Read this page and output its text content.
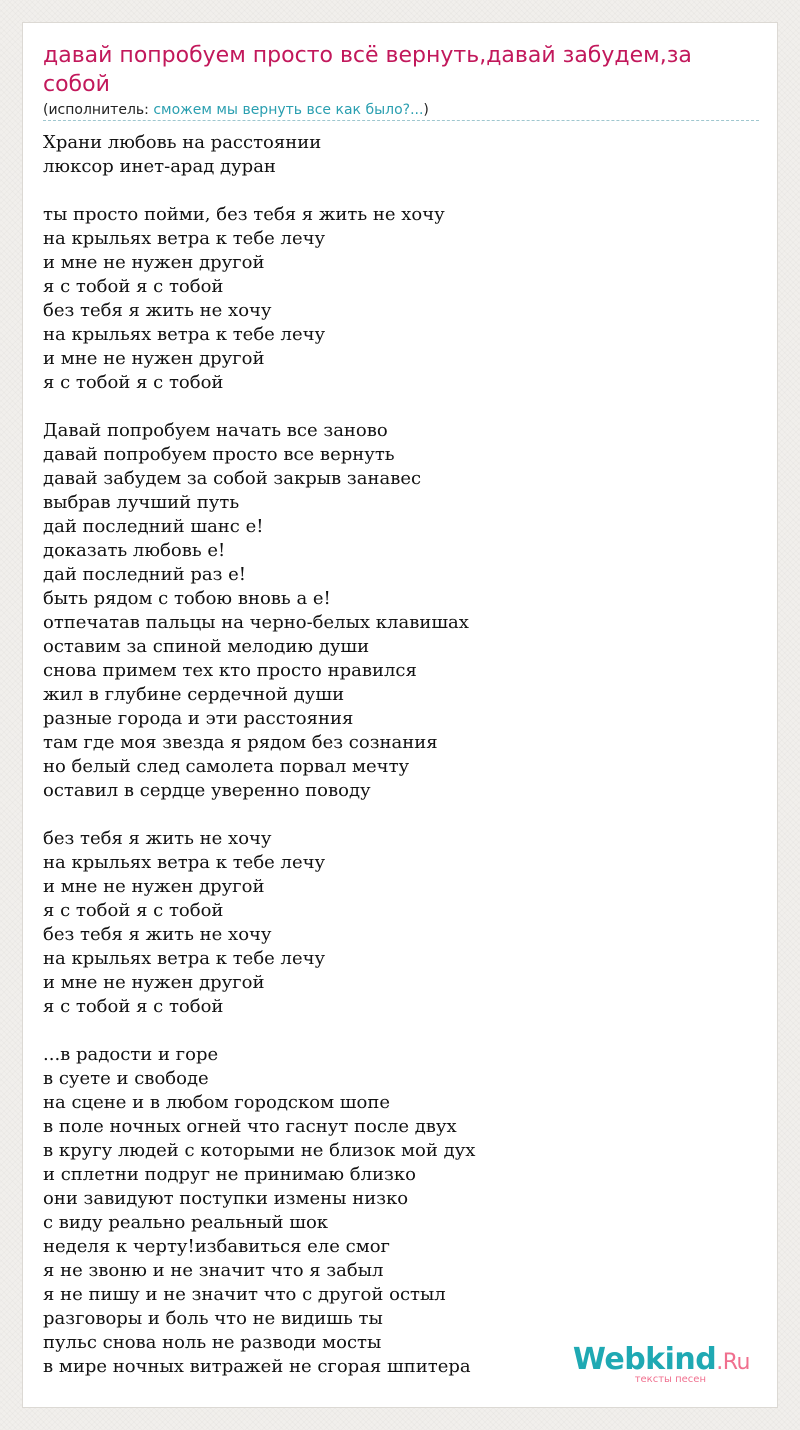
давай попробуем просто всё вернуть,давай забудем,за собой
(исполнитель: сможем мы вернуть все как было?...)
Храни любовь на расстоянии
люксор инет-арад дуран
ты просто пойми, без тебя я жить не хочу
на крыльях ветра к тебе лечу
и мне не нужен другой
я с тобой я с тобой
без тебя я жить не хочу
на крыльях ветра к тебе лечу
и мне не нужен другой
я с тобой я с тобой
Давай попробуем начать все заново
давай попробуем просто все вернуть
давай забудем за собой закрыв занавес
выбрав лучший путь
дай последний шанс е!
доказать любовь е!
дай последний раз е!
быть рядом с тобою вновь а е!
отпечатав пальцы на черно-белых клавишах
оставим за спиной мелодию души
снова примем тех кто просто нравился
жил в глубине сердечной души
разные города и эти расстояния
там где моя звезда я рядом без сознания
но белый след самолета порвал мечту
оставил в сердце уверенно поводу
без тебя я жить не хочу
на крыльях ветра к тебе лечу
и мне не нужен другой
я с тобой я с тобой
без тебя я жить не хочу
на крыльях ветра к тебе лечу
и мне не нужен другой
я с тобой я с тобой
...в радости и горе
в суете и свободе
на сцене и в любом городском шопе
в поле ночных огней что гаснут после двух
в кругу людей с которыми не близок мой дух
и сплетни подруг не принимаю близко
они завидуют поступки измены низко
с виду реально реальный шок
неделя к черту!избавиться еле смог
я не звоню и не значит что я забыл
я не пишу и не значит что с другой остыл
разговоры и боль что не видишь ты
пульс снова ноль не разводи мосты
в мире ночных витражей не сгорая шпитера	Webkind.Ru
тексты песен
